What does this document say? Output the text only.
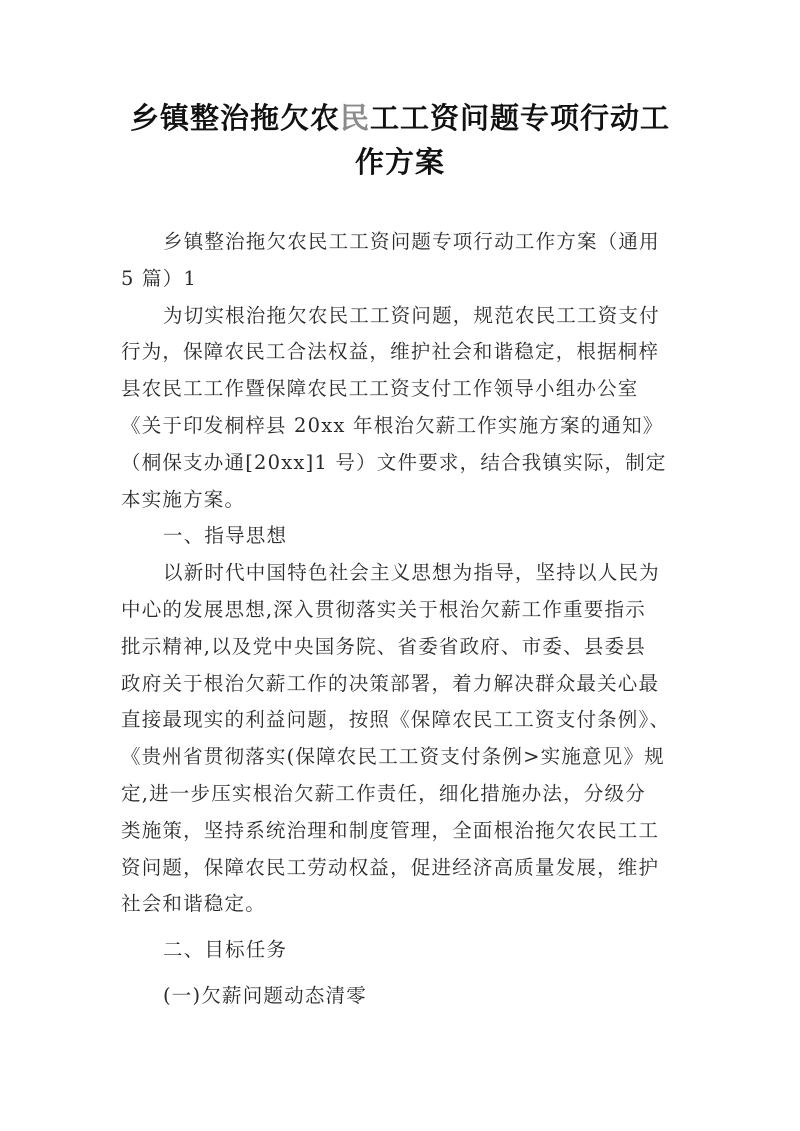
乡镇整治拖欠农民工工资问题专项行动工
作方案
乡镇整治拖欠农民工工资问题专项行动工作方案（通用
5 篇）1
为切实根治拖欠农民工工资问题，规范农民工工资支付
行为，保障农民工合法权益，维护社会和谐稳定，根据桐梓
县农民工工作暨保障农民工工资支付工作领导小组办公室
《关于印发桐梓县 20xx 年根治欠薪工作实施方案的通知》
（桐保支办通[20xx]1 号）文件要求，结合我镇实际，制定
本实施方案。
一、指导思想
以新时代中国特色社会主义思想为指导，坚持以人民为
中心的发展思想,深入贯彻落实关于根治欠薪工作重要指示
批示精神,以及党中央国务院、省委省政府、市委、县委县
政府关于根治欠薪工作的决策部署，着力解决群众最关心最
直接最现实的利益问题，按照《保障农民工工资支付条例》、
《贵州省贯彻落实(保障农民工工资支付条例>实施意见》规
定,进一步压实根治欠薪工作责任，细化措施办法，分级分
类施策，坚持系统治理和制度管理，全面根治拖欠农民工工
资问题，保障农民工劳动权益，促进经济高质量发展，维护
社会和谐稳定。
二、目标任务
(一)欠薪问题动态清零
